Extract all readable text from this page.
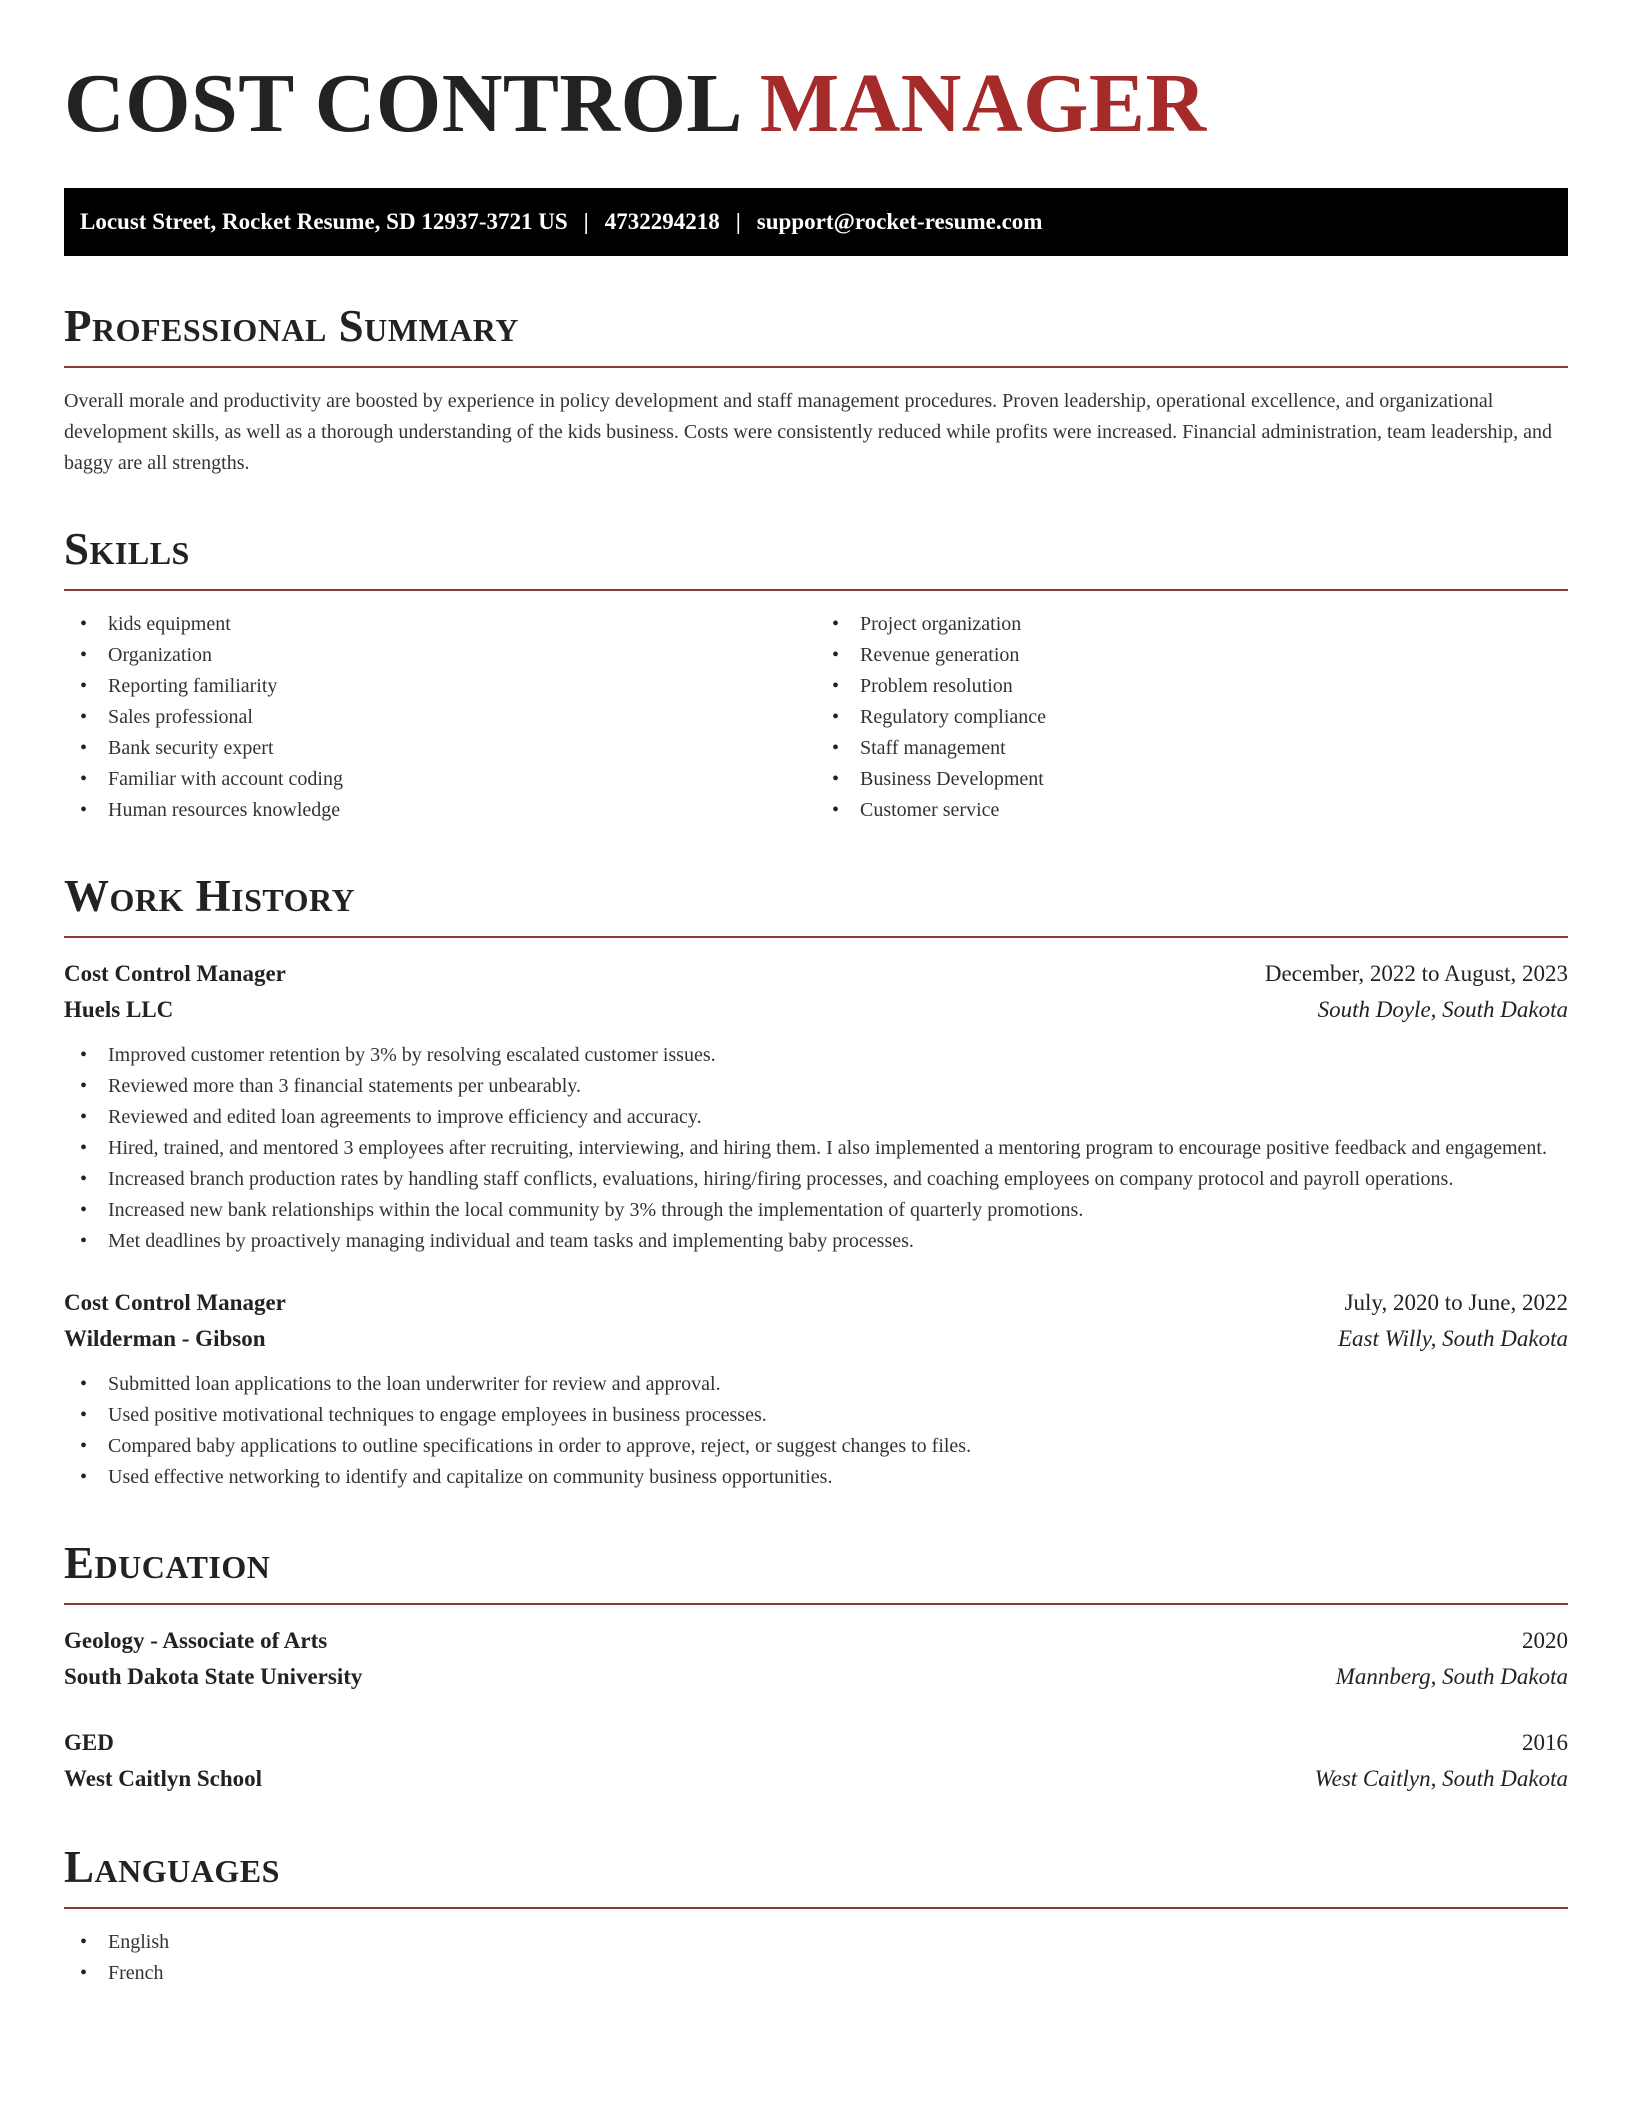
COST CONTROL MANAGER
Locust Street, Rocket Resume, SD 12937-3721 US | 4732294218 | support@rocket-resume.com
Professional Summary

Overall morale and productivity are boosted by experience in policy development and staff management procedures. Proven leadership, operational excellence, and organizational development skills, as well as a thorough understanding of the kids business. Costs were consistently reduced while profits were increased. Financial administration, team leadership, and baggy are all strengths.

Skills
• kids equipment
• Organization
• Reporting familiarity
• Sales professional
• Bank security expert
• Familiar with account coding
• Human resources knowledge
• Project organization
• Revenue generation
• Problem resolution
• Regulatory compliance
• Staff management
• Business Development
• Customer service
Work History
Cost Control Manager	December, 2022 to August, 2023
Huels LLC	South Doyle, South Dakota
• Improved customer retention by 3% by resolving escalated customer issues.
• Reviewed more than 3 financial statements per unbearably.
• Reviewed and edited loan agreements to improve efficiency and accuracy.
• Hired, trained, and mentored 3 employees after recruiting, interviewing, and hiring them. I also implemented a mentoring program to encourage positive feedback and engagement.
• Increased branch production rates by handling staff conflicts, evaluations, hiring/firing processes, and coaching employees on company protocol and payroll operations.
• Increased new bank relationships within the local community by 3% through the implementation of quarterly promotions.
• Met deadlines by proactively managing individual and team tasks and implementing baby processes.
Cost Control Manager	July, 2020 to June, 2022
Wilderman - Gibson	East Willy, South Dakota
• Submitted loan applications to the loan underwriter for review and approval.
• Used positive motivational techniques to engage employees in business processes.
• Compared baby applications to outline specifications in order to approve, reject, or suggest changes to files.
• Used effective networking to identify and capitalize on community business opportunities.
Education
Geology - Associate of Arts	2020
South Dakota State University	Mannberg, South Dakota
GED	2016
West Caitlyn School	West Caitlyn, South Dakota
Languages
• English
• French
